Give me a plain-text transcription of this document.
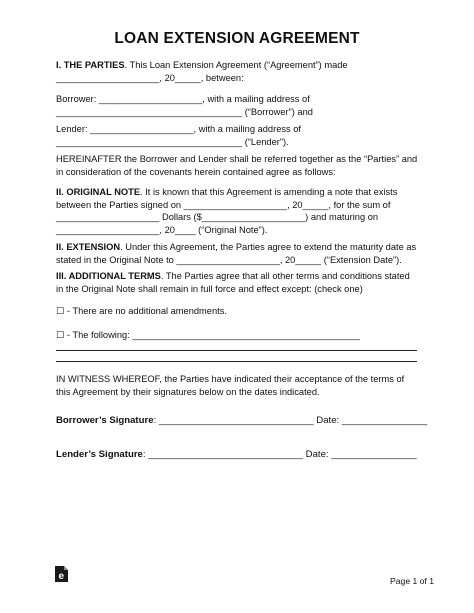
LOAN EXTENSION AGREEMENT
I. THE PARTIES. This Loan Extension Agreement (“Agreement”) made
____________________, 20_____, between:
Borrower: ____________________, with a mailing address of
____________________________________ (“Borrower”) and
Lender: ____________________, with a mailing address of
____________________________________ (“Lender”).
HEREINAFTER the Borrower and Lender shall be referred together as the “Parties” and
in consideration of the covenants herein contained agree as follows:
II. ORIGINAL NOTE. It is known that this Agreement is amending a note that exists
between the Parties signed on ____________________, 20_____, for the sum of
____________________ Dollars ($____________________) and maturing on
____________________, 20____ (“Original Note”).
II. EXTENSION. Under this Agreement, the Parties agree to extend the maturity date as
stated in the Original Note to ____________________, 20_____ (“Extension Date”).
III. ADDITIONAL TERMS. The Parties agree that all other terms and conditions stated
in the Original Note shall remain in full force and effect except: (check one)
☐ - There are no additional amendments.
☐ - The following: ____________________________________________
IN WITNESS WHEREOF, the Parties have indicated their acceptance of the terms of
this Agreement by their signatures below on the dates indicated.
Borrower’s Signature: _____________________________ Date: ________________
Lender’s Signature: _____________________________ Date: ________________
e	Page 1 of 1
